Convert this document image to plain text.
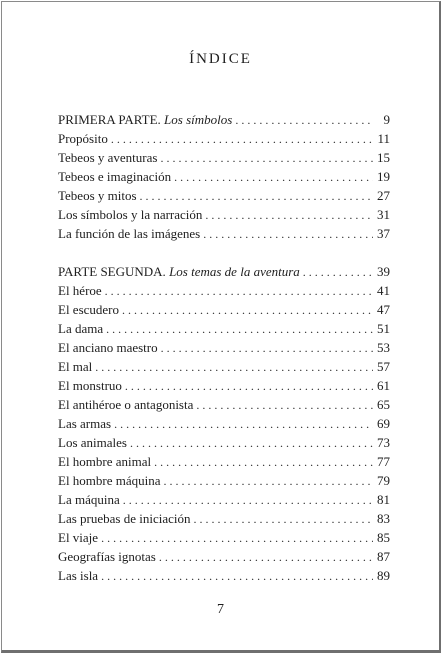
ÍNDICE
PRIMERA PARTE. Los símbolos . . .	9
Propósito . . .	11
Tebeos y aventuras . . .	15
Tebeos e imaginación . . .	19
Tebeos y mitos . . .	27
Los símbolos y la narración . . .	31
La función de las imágenes . . .	37
PARTE SEGUNDA. Los temas de la aventura . . .	39
El héroe . . .	41
El escudero . . .	47
La dama . . .	51
El anciano maestro . . .	53
El mal . . .	57
El monstruo . . .	61
El antihéroe o antagonista . . .	65
Las armas . . .	69
Los animales . . .	73
El hombre animal . . .	77
El hombre máquina . . .	79
La máquina . . .	81
Las pruebas de iniciación . . .	83
El viaje . . .	85
Geografías ignotas . . .	87
Las isla . . .	89
7
